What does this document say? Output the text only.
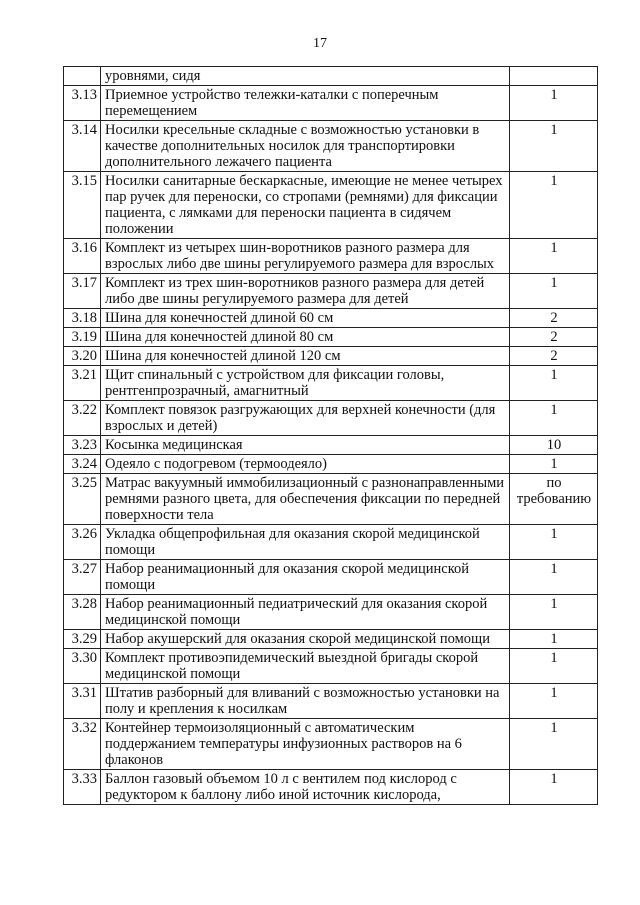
17
	уровнями, сидя	
3.13	Приемное устройство тележки-каталки с поперечным перемещением	1
3.14	Носилки кресельные складные с возможностью установки в качестве дополнительных носилок для транспортировки дополнительного лежачего пациента	1
3.15	Носилки санитарные бескаркасные, имеющие не менее четырех пар ручек для переноски, со стропами (ремнями) для фиксации пациента, с лямками для переноски пациента в сидячем положении	1
3.16	Комплект из четырех шин-воротников разного размера для взрослых либо две шины регулируемого размера для взрослых	1
3.17	Комплект из трех шин-воротников разного размера для детей либо две шины регулируемого размера для детей	1
3.18	Шина для конечностей длиной 60 см	2
3.19	Шина для конечностей длиной 80 см	2
3.20	Шина для конечностей длиной 120 см	2
3.21	Щит спинальный с устройством для фиксации головы, рентгенпрозрачный, амагнитный	1
3.22	Комплект повязок разгружающих для верхней конечности (для взрослых и детей)	1
3.23	Косынка медицинская	10
3.24	Одеяло с подогревом (термоодеяло)	1
3.25	Матрас вакуумный иммобилизационный с разнонаправленными ремнями разного цвета, для обеспечения фиксации по передней поверхности тела	по требованию
3.26	Укладка общепрофильная для оказания скорой медицинской помощи	1
3.27	Набор реанимационный для оказания скорой медицинской помощи	1
3.28	Набор реанимационный педиатрический для оказания скорой медицинской помощи	1
3.29	Набор акушерский для оказания скорой медицинской помощи	1
3.30	Комплект противоэпидемический выездной бригады скорой медицинской помощи	1
3.31	Штатив разборный для вливаний с возможностью установки на полу и крепления к носилкам	1
3.32	Контейнер термоизоляционный с автоматическим поддержанием температуры инфузионных растворов на 6 флаконов	1
3.33	Баллон газовый объемом 10 л с вентилем под кислород с редуктором к баллону либо иной источник кислорода,	1
